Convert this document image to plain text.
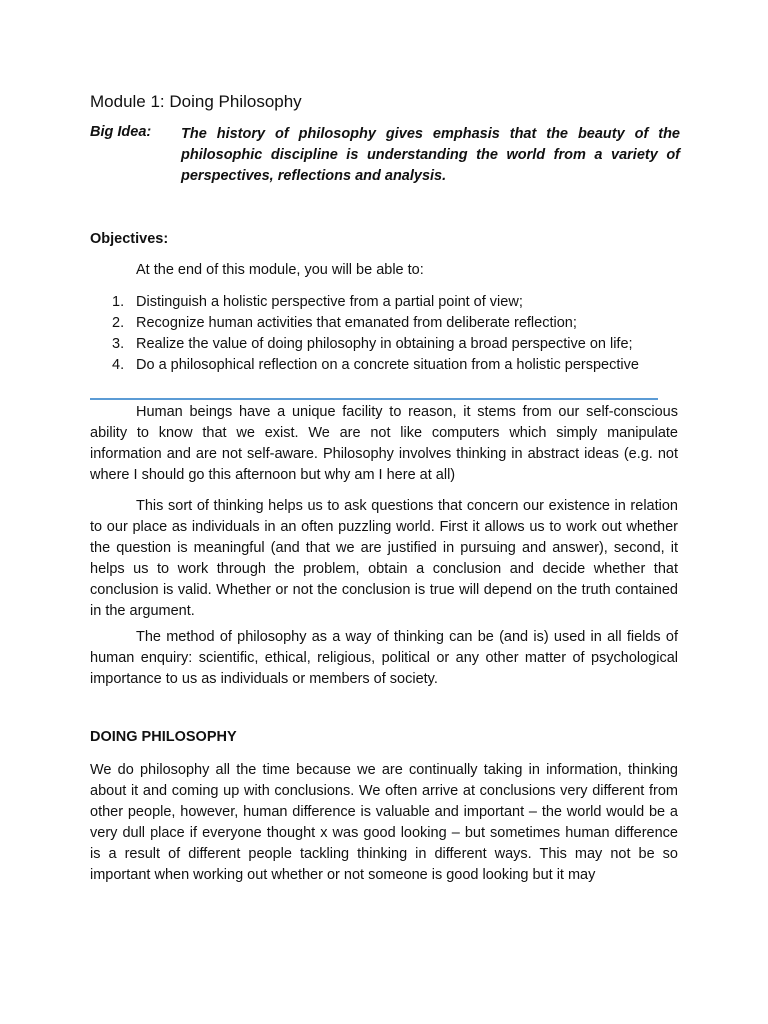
Module 1: Doing Philosophy
Big Idea: The history of philosophy gives emphasis that the beauty of the philosophic discipline is understanding the world from a variety of perspectives, reflections and analysis.
Objectives:
At the end of this module, you will be able to:
1. Distinguish a holistic perspective from a partial point of view;
2. Recognize human activities that emanated from deliberate reflection;
3. Realize the value of doing philosophy in obtaining a broad perspective on life;
4. Do a philosophical reflection on a concrete situation from a holistic perspective

Human beings have a unique facility to reason, it stems from our self-conscious ability to know that we exist. We are not like computers which simply manipulate information and are not self-aware. Philosophy involves thinking in abstract ideas (e.g. not where I should go this afternoon but why am I here at all)

This sort of thinking helps us to ask questions that concern our existence in relation to our place as individuals in an often puzzling world. First it allows us to work out whether the question is meaningful (and that we are justified in pursuing and answer), second, it helps us to work through the problem, obtain a conclusion and decide whether that conclusion is valid. Whether or not the conclusion is true will depend on the truth contained in the argument.

The method of philosophy as a way of thinking can be (and is) used in all fields of human enquiry: scientific, ethical, religious, political or any other matter of psychological importance to us as individuals or members of society.

DOING PHILOSOPHY

We do philosophy all the time because we are continually taking in information, thinking about it and coming up with conclusions. We often arrive at conclusions very different from other people, however, human difference is valuable and important – the world would be a very dull place if everyone thought x was good looking – but sometimes human difference is a result of different people tackling thinking in different ways. This may not be so important when working out whether or not someone is good looking but it may
